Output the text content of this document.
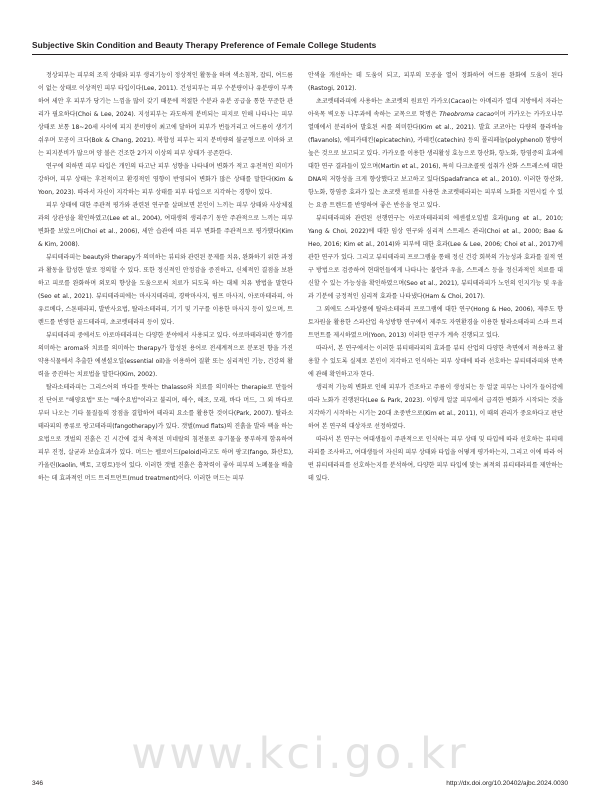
Subjective Skin Condition and Beauty Therapy Preference of Female College Students

정상피부는 피부의 조직 상태와 피부 생리기능이 정상적인 활동을 하며 색소침착, 잡티, 여드름이 없는 상태로 이상적인 피부 타입이다(Lee, 2011). 건성피부는 피부 수분량이나 유분량이 부족하여 세안 후 피부가 당기는 느낌을 많이 갖기 때문에 적절한 수분과 유분 공급을 통한 꾸준한 관리가 필요하다(Choi & Lee, 2024). 지성피부는 과도하게 분비되는 피지로 인해 나타나는 피부 상태로 보통 18~20세 사이에 피지 분비량이 최고에 달하며 피부가 번들거리고 여드름이 생기기 쉬우며 모공이 크다(Bok & Chang, 2021). 복합성 피부는 피지 분비량의 불균형으로 이마와 코는 피지분비가 많으며 양 볼은 건조한 2가지 이상의 피부 상태가 공존한다.

연구에 의하면 피부 타입은 개인의 타고난 피부 성향을 나타내며 변화가 적고 유전적인 의미가 강하며, 피부 상태는 후천적이고 환경적인 영향이 반영되어 변화가 많은 상태를 말한다(Kim & Yoon, 2023). 따라서 자신이 지각하는 피부 상태를 피부 타입으로 지각하는 경향이 있다.

피부 상태에 대한 주관적 평가와 관련된 연구를 살펴보면 본인이 느끼는 피부 상태와 사상체질과의 상관성을 확인하였고(Lee et al., 2004), 여대생의 생리주기 동안 주관적으로 느끼는 피부 변화를 보았으며(Choi et al., 2006), 세안 습관에 따른 피부 변화를 주관적으로 평가했다(Kim & Kim, 2008).

뷰티테라피는 beauty와 therapy가 의미하는 뷰티와 관련된 문제를 치유, 완화하기 위한 과정과 활동을 합성한 말로 정의할 수 있다. 또한 정신적인 안정감을 증진하고, 신체적인 결점을 보완하고 피로를 완화하며 외모의 향상을 도움으로써 치료가 되도록 하는 대체 치유 방법을 말한다(Seo et al., 2021). 뷰티테라피에는 마사지테라피, 경락마사지, 림프 마사지, 아로마테라피, 아유르베다, 스톤테라피, 발반사요법, 탈라소테라피, 기기 및 기구를 이용한 마사지 등이 있으며, 트렌드를 반영한 골드테라피, 초코렛테라피 등이 있다.

뷰티테라피 중에서도 아로마테라피는 다양한 분야에서 사용되고 있다. 아로마테라피란 향기를 의미하는 aroma와 치료를 의미하는 therapy가 합성된 용어로 전세계적으로 분포된 향을 가진 약용식물에서 추출한 에센셜오일(essential oil)을 이용하여 질환 또는 심리적인 기능, 건강의 활력을 증진하는 치료법을 말한다(Kim, 2002).

탈라소테라피는 그리스어의 바다를 뜻하는 thalasso와 치료를 의미하는 therapie로 만들어진 단어로 "해양요법" 또는 "해수요법"이라고 불리며, 해수, 해조, 모래, 바다 머드, 그 외 바다로부터 나오는 기타 물질들의 장점을 결합하여 테라피 요소를 활용한 것이다(Park, 2007). 탈라소테라피의 종류로 팡고테라피(fangotherapy)가 있다. 갯벌(mud flats)의 진흙을 발라 팩을 하는 요법으로 갯벌의 진흙은 긴 시간에 걸쳐 축적된 미네랄의 침전물로 유기물을 풍부하게 함유하여 피부 진정, 살균과 보습효과가 있다. 머드는 펠로이드(peloid)라고도 하며 팡고(fango, 화산토), 카올린(kaolin, 백토, 고령토)등이 있다. 이러한 갯벌 진흙은 흡착력이 좋아 피부의 노폐물을 배출하는 데 효과적인 머드 트리트먼트(mud treatment)이다. 이러한 머드는 피부

안색을 개선하는 데 도움이 되고, 피부의 모공을 열어 정화하여 여드름 완화에 도움이 된다(Rastogi, 2012).

초코렛테라피에 사용하는 초코렛의 원료인 카카오(Cacao)는 아메리카 열대 지방에서 자라는 아욱목 벽오동 나무과에 속하는 교목으로 학명은 Theobroma cacao이며 카카오는 카카오나무 열매에서 분리하여 발효된 씨를 의미한다(Kim et al., 2021). 발효 코코아는 다량의 플라바놀(flavanols), 에피카테킨(epicatechin), 카테킨(catechin) 등의 폴리페놀(polyphenol) 함량이 높은 것으로 보고되고 있다. 카카오를 이용한 생리활성 효능으로 항산화, 항노화, 항염증의 효과에 대한 연구 결과들이 있으며(Martin et al., 2016), 특히 다크초콜릿 섭취가 산화 스트레스에 대한 DNA의 저항성을 크게 향상했다고 보고하고 있다(Spadafranca et al., 2010). 이러한 항산화, 항노화, 항염증 효과가 있는 초코렛 원료를 사용한 초코렛테라피는 피부의 노화를 지연시킬 수 있는 요즘 트렌드를 반영하여 좋은 반응을 얻고 있다.

뷰티테라피와 관련된 선행연구는 아로마테라피의 에센셜오일별 효과(Jung et al., 2010; Yang & Choi, 2022)에 대한 임상 연구와 심리적 스트레스 관리(Choi et al., 2000; Bae & Heo, 2016; Kim et al., 2014)와 피부에 대한 효과(Lee & Lee, 2006; Choi et al., 2017)에 관한 연구가 있다. 그리고 뷰티테라피 프로그램을 통해 정신 건강 회복의 가능성과 효과를 질적 연구 방법으로 검증하여 현대인들에게 나타나는 불안과 우울, 스트레스 등을 정신과적인 치료를 대신할 수 있는 가능성을 확인하였으며(Seo et al., 2021), 뷰티테라피가 노인의 인지기능 및 우울과 기분에 긍정적인 심리적 효과를 나타냈다(Ham & Choi, 2017).

그 외에도 스파상품에 탈라소테라피 프로그램에 대한 연구(Hong & Heo, 2006), 제주도 향토자원을 활용한 스파산업 육성방향 연구에서 제주도 자연환경을 이용한 탈라소테라피 스파 트리트먼트를 제시하였으며(Yoon, 2013) 이러한 연구가 계속 진행되고 있다.

따라서, 본 연구에서는 이러한 뷰티테라피의 효과를 뷰티 산업의 다양한 측면에서 적용하고 활용할 수 있도록 실제로 본인이 지각하고 인식하는 피부 상태에 따라 선호하는 뷰티테라피와 만족에 관해 확인하고자 한다.

생리적 기능의 변화로 인해 피부가 건조하고 주름이 생성되는 등 얼굴 피부는 나이가 들어감에 따라 노화가 진행된다(Lee & Park, 2023). 이렇게 얼굴 피부에서 급격한 변화가 시작되는 것을 지각하기 시작하는 시기는 20대 초중반으로(Kim et al., 2011), 이 때의 관리가 중요하다고 판단하여 본 연구의 대상자로 선정하였다.

따라서 본 연구는 여대생들이 주관적으로 인식하는 피부 상태 및 타입에 따라 선호하는 뷰티테라피를 조사하고, 여대생들이 자신의 피부 상태와 타입을 어떻게 평가하는지, 그리고 이에 따라 어떤 뷰티테라피를 선호하는지를 분석하여, 다양한 피부 타입에 맞는 최적의 뷰티테라피를 제안하는 데 있다.

www.kci.go.kr
346	http://dx.doi.org/10.20402/ajbc.2024.0030
